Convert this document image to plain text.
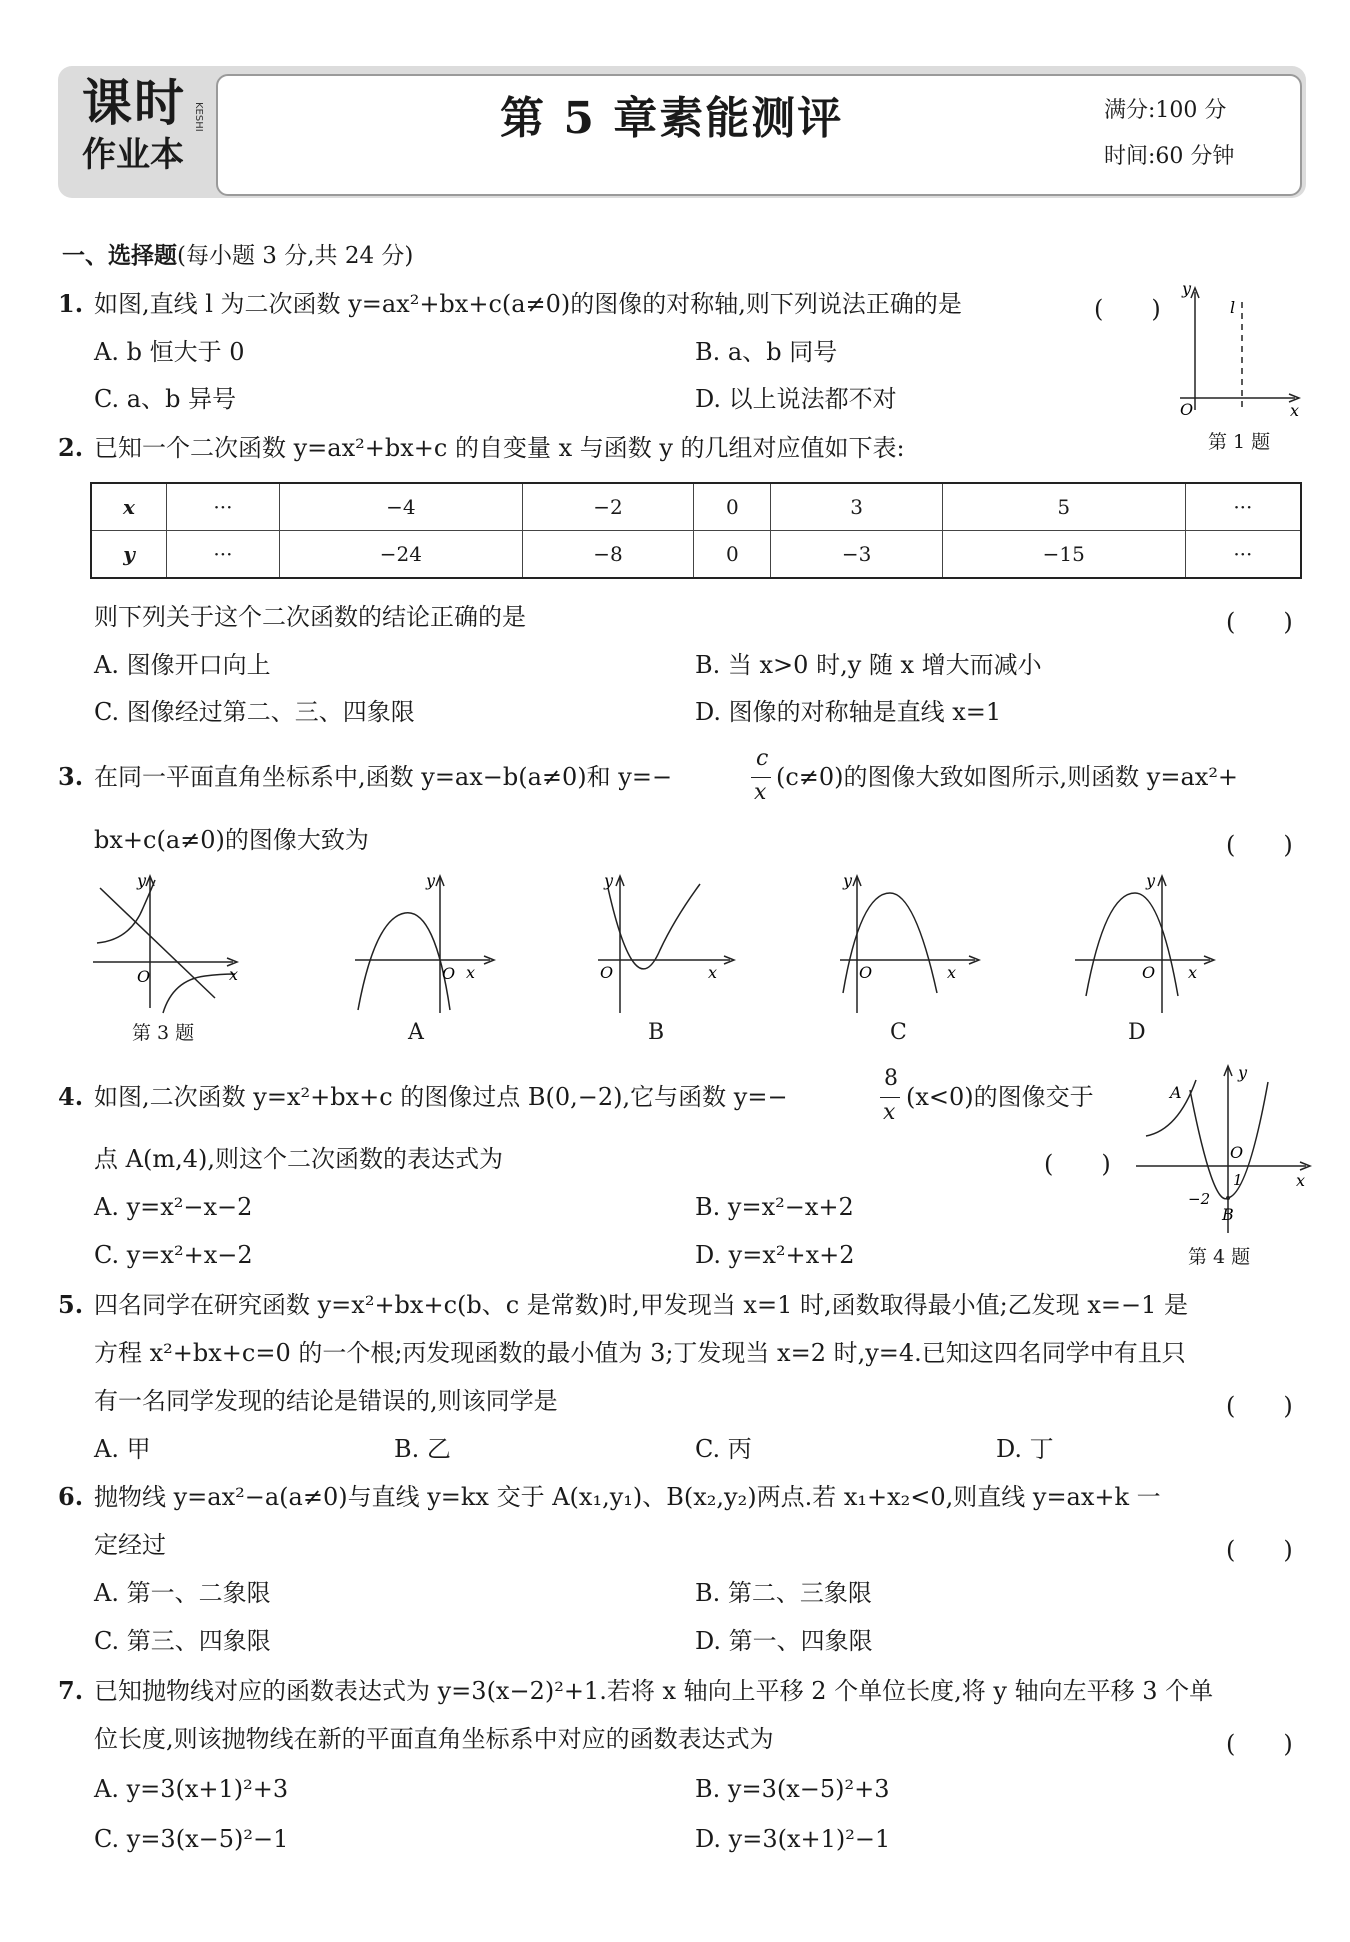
课时
作业本
KESHI	第 5 章素能测评	满分:100 分
时间:60 分钟
一、选择题(每小题 3 分,共 24 分)
1. 如图,直线 l 为二次函数 y=ax²+bx+c(a≠0)的图像的对称轴,则下列说法正确的是	(　　)
A. b 恒大于 0	B. a、b 同号
C. a、b 异号	D. 以上说法都不对
y
l
O	x
第 1 题
2. 已知一个二次函数 y=ax²+bx+c 的自变量 x 与函数 y 的几组对应值如下表:
x	···	−4	−2	0	3	5	···
y	···	−24	−8	0	−3	−15	···
则下列关于这个二次函数的结论正确的是	(　　)
A. 图像开口向上	B. 当 x>0 时,y 随 x 增大而减小
C. 图像经过第二、三、四象限	D. 图像的对称轴是直线 x=1
3. 在同一平面直角坐标系中,函数 y=ax−b(a≠0)和 y=−
c
x
(c≠0)的图像大致如图所示,则函数 y=ax²+
bx+c(a≠0)的图像大致为	(　　)
y
O	x
第 3 题
y
O x
A
y
O	x
B
y
O	x
C
y
O x
D
4. 如图,二次函数 y=x²+bx+c 的图像过点 B(0,−2),它与函数 y=−
8
x
(x<0)的图像交于
点 A(m,4),则这个二次函数的表达式为	(　　)
A. y=x²−x−2	B. y=x²−x+2
C. y=x²+x−2	D. y=x²+x+2
A
y
O
1	x
−2
B
第 4 题
5. 四名同学在研究函数 y=x²+bx+c(b、c 是常数)时,甲发现当 x=1 时,函数取得最小值;乙发现 x=−1 是
方程 x²+bx+c=0 的一个根;丙发现函数的最小值为 3;丁发现当 x=2 时,y=4.已知这四名同学中有且只
有一名同学发现的结论是错误的,则该同学是	(　　)
A. 甲	B. 乙	C. 丙	D. 丁
6. 抛物线 y=ax²−a(a≠0)与直线 y=kx 交于 A(x₁,y₁)、B(x₂,y₂)两点.若 x₁+x₂<0,则直线 y=ax+k 一
定经过	(　　)
A. 第一、二象限	B. 第二、三象限
C. 第三、四象限	D. 第一、四象限
7. 已知抛物线对应的函数表达式为 y=3(x−2)²+1.若将 x 轴向上平移 2 个单位长度,将 y 轴向左平移 3 个单
位长度,则该抛物线在新的平面直角坐标系中对应的函数表达式为	(　　)
A. y=3(x+1)²+3	B. y=3(x−5)²+3
C. y=3(x−5)²−1	D. y=3(x+1)²−1
